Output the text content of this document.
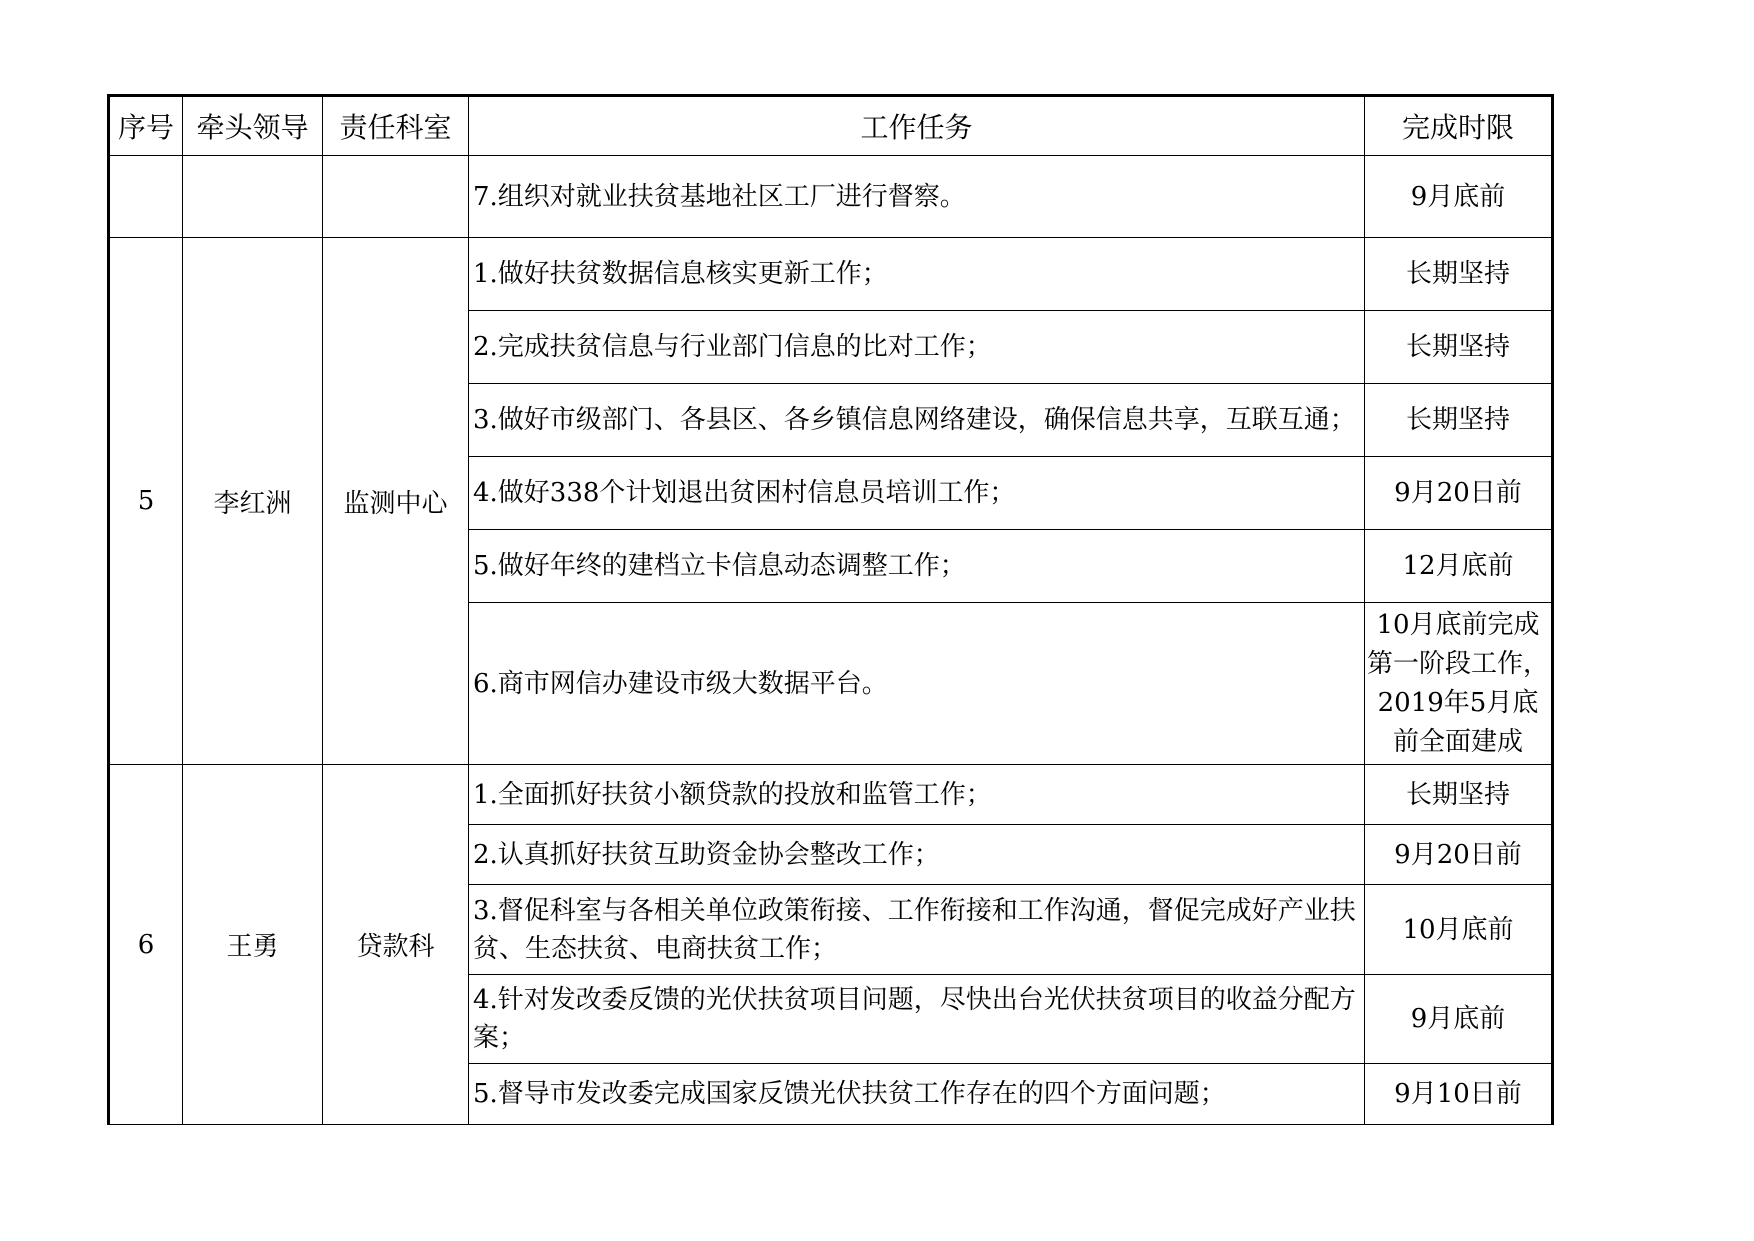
序号	牵头领导	责任科室	工作任务	完成时限
			7.组织对就业扶贫基地社区工厂进行督察。	9月底前
5	李红洲	监测中心	1.做好扶贫数据信息核实更新工作；	长期坚持
			2.完成扶贫信息与行业部门信息的比对工作；	长期坚持
			3.做好市级部门、各县区、各乡镇信息网络建设，确保信息共享，互联互通；	长期坚持
			4.做好338个计划退出贫困村信息员培训工作；	9月20日前
			5.做好年终的建档立卡信息动态调整工作；	12月底前
			6.商市网信办建设市级大数据平台。	10月底前完成第一阶段工作，2019年5月底前全面建成
6	王勇	贷款科	1.全面抓好扶贫小额贷款的投放和监管工作；	长期坚持
			2.认真抓好扶贫互助资金协会整改工作；	9月20日前
			3.督促科室与各相关单位政策衔接、工作衔接和工作沟通，督促完成好产业扶贫、生态扶贫、电商扶贫工作；	10月底前
			4.针对发改委反馈的光伏扶贫项目问题，尽快出台光伏扶贫项目的收益分配方案；	9月底前
			5.督导市发改委完成国家反馈光伏扶贫工作存在的四个方面问题；	9月10日前
